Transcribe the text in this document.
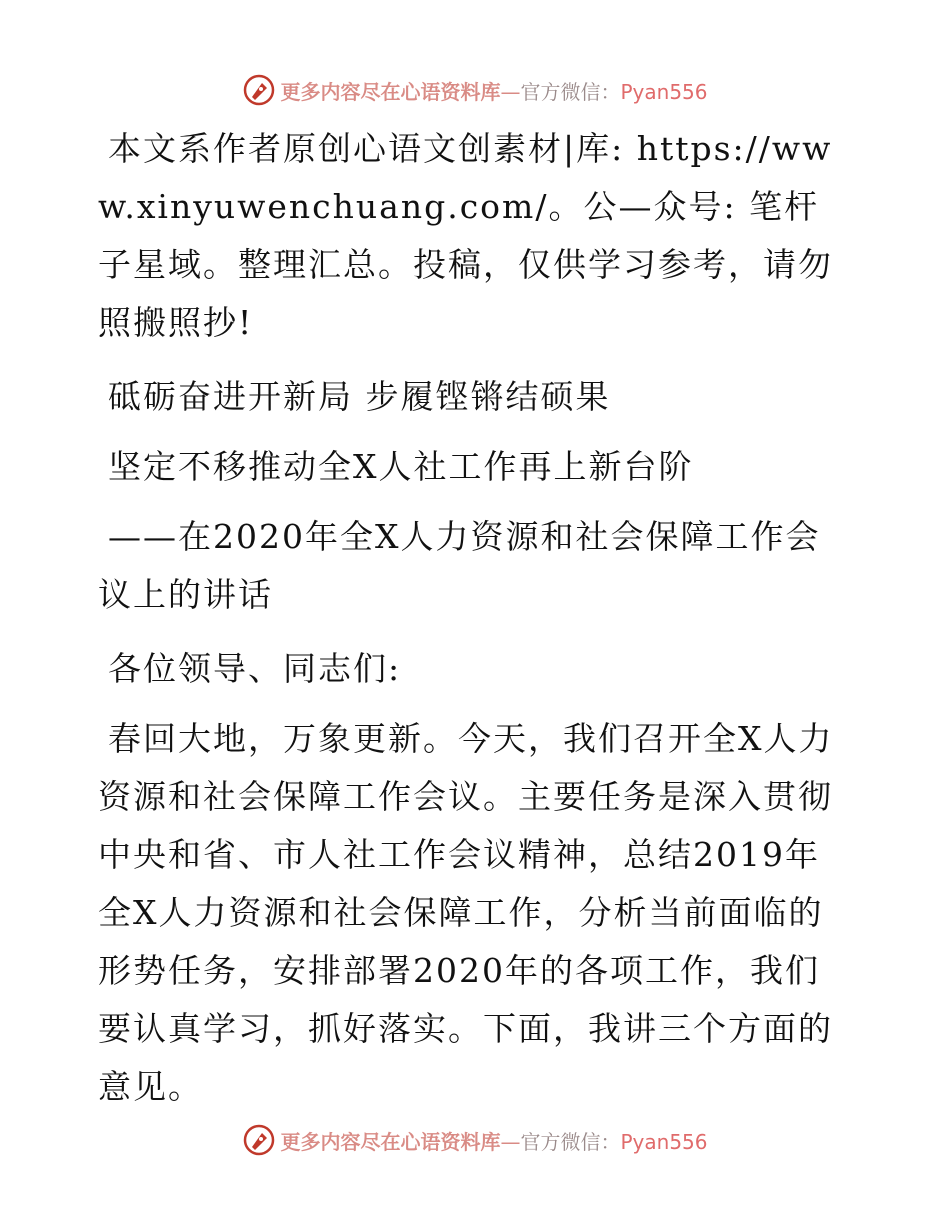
更多内容尽在心语资料库—官方微信：Pyan556

本文系作者原创心语文创素材|库: https://www.xinyuwenchuang.com/。公—众号: 笔杆子星域。整理汇总。投稿，仅供学习参考，请勿照搬照抄!

砥砺奋进开新局 步履铿锵结硕果

坚定不移推动全X人社工作再上新台阶

——在2020年全X人力资源和社会保障工作会议上的讲话

各位领导、同志们:

春回大地，万象更新。今天，我们召开全X人力资源和社会保障工作会议。主要任务是深入贯彻中央和省、市人社工作会议精神，总结2019年全X人力资源和社会保障工作，分析当前面临的形势任务，安排部署2020年的各项工作，我们要认真学习，抓好落实。下面，我讲三个方面的意见。

更多内容尽在心语资料库—官方微信：Pyan556
